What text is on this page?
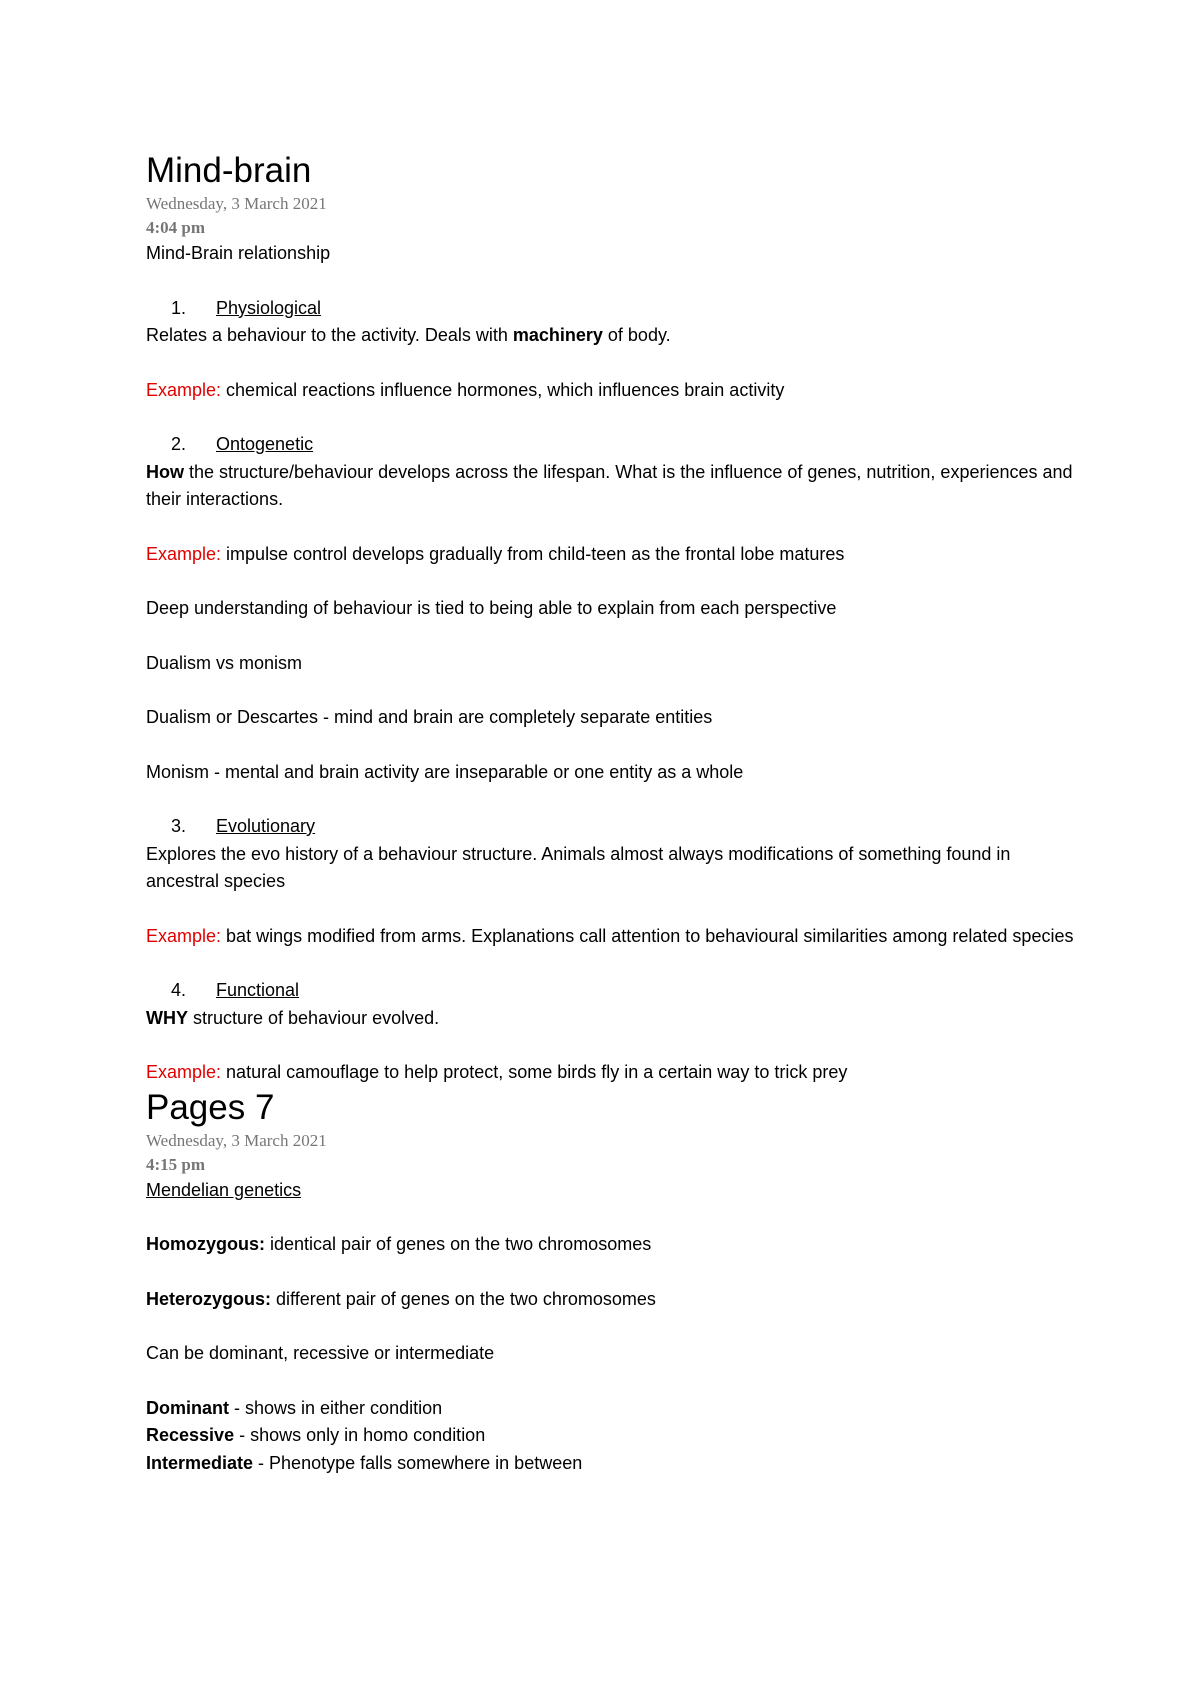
Mind-brain
Wednesday, 3 March 2021
4:04 pm

Mind-Brain relationship

1.	Physiological

Relates a behaviour to the activity. Deals with machinery of body.

Example: chemical reactions influence hormones, which influences brain activity

2.	Ontogenetic

How the structure/behaviour develops across the lifespan. What is the influence of genes, nutrition, experiences and their interactions.

Example: impulse control develops gradually from child-teen as the frontal lobe matures

Deep understanding of behaviour is tied to being able to explain from each perspective

Dualism vs monism

Dualism or Descartes - mind and brain are completely separate entities

Monism - mental and brain activity are inseparable or one entity as a whole

3.	Evolutionary

Explores the evo history of a behaviour structure. Animals almost always modifications of something found in ancestral species

Example: bat wings modified from arms. Explanations call attention to behavioural similarities among related species

4.	Functional

WHY structure of behaviour evolved.

Example: natural camouflage to help protect, some birds fly in a certain way to trick prey

Pages 7
Wednesday, 3 March 2021
4:15 pm

Mendelian genetics

Homozygous: identical pair of genes on the two chromosomes

Heterozygous: different pair of genes on the two chromosomes

Can be dominant, recessive or intermediate

Dominant - shows in either condition

Recessive - shows only in homo condition

Intermediate - Phenotype falls somewhere in between
